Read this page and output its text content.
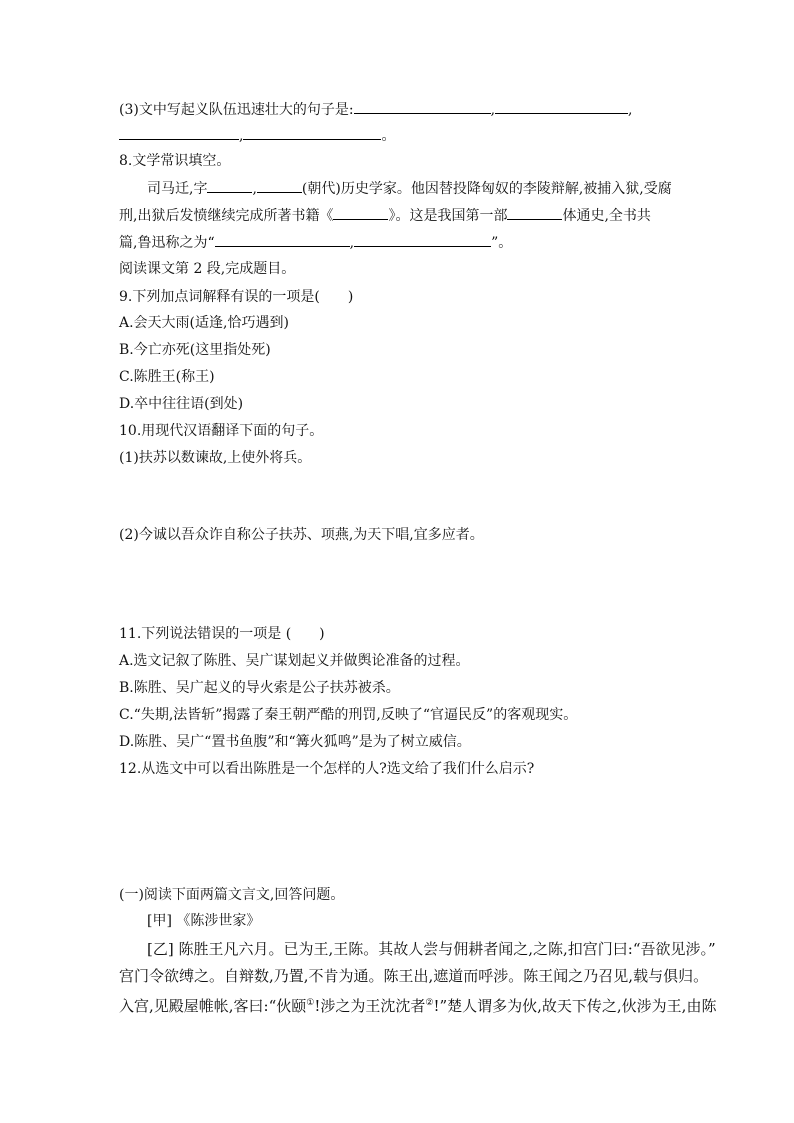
(3)文中写起义队伍迅速壮大的句子是:	,	,
,	。
8.文学常识填空。
司马迁,字	,	(朝代)历史学家。他因替投降匈奴的李陵辩解,被捕入狱,受腐
刑,出狱后发愤继续完成所著书籍《	》。这是我国第一部	体通史,全书共
篇,鲁迅称之为“	,	”。
阅读课文第 2 段,完成题目。
9.下列加点词解释有误的一项是(　　)
A.会天大雨(适逢,恰巧遇到)
B.今亡亦死(这里指处死)
C.陈胜王(称王)
D.卒中往往语(到处)
10.用现代汉语翻译下面的句子。
(1)扶苏以数谏故,上使外将兵。
(2)今诚以吾众诈自称公子扶苏、项燕,为天下唱,宜多应者。
11.下列说法错误的一项是 (　　)
A.选文记叙了陈胜、吴广谋划起义并做舆论准备的过程。
B.陈胜、吴广起义的导火索是公子扶苏被杀。
C.“失期,法皆斩”揭露了秦王朝严酷的刑罚,反映了“官逼民反”的客观现实。
D.陈胜、吴广“置书鱼腹”和“篝火狐鸣”是为了树立威信。
12.从选文中可以看出陈胜是一个怎样的人?选文给了我们什么启示?
(一)阅读下面两篇文言文,回答问题。
[甲] 《陈涉世家》
[乙] 陈胜王凡六月。已为王,王陈。其故人尝与佣耕者闻之,之陈,扣宫门曰:“吾欲见涉。”
宫门令欲缚之。自辩数,乃置,不肯为通。陈王出,遮道而呼涉。陈王闻之乃召见,载与俱归。
入宫,见殿屋帷帐,客曰:“伙颐①!涉之为王沈沈者②!”楚人谓多为伙,故天下传之,伙涉为王,由陈
